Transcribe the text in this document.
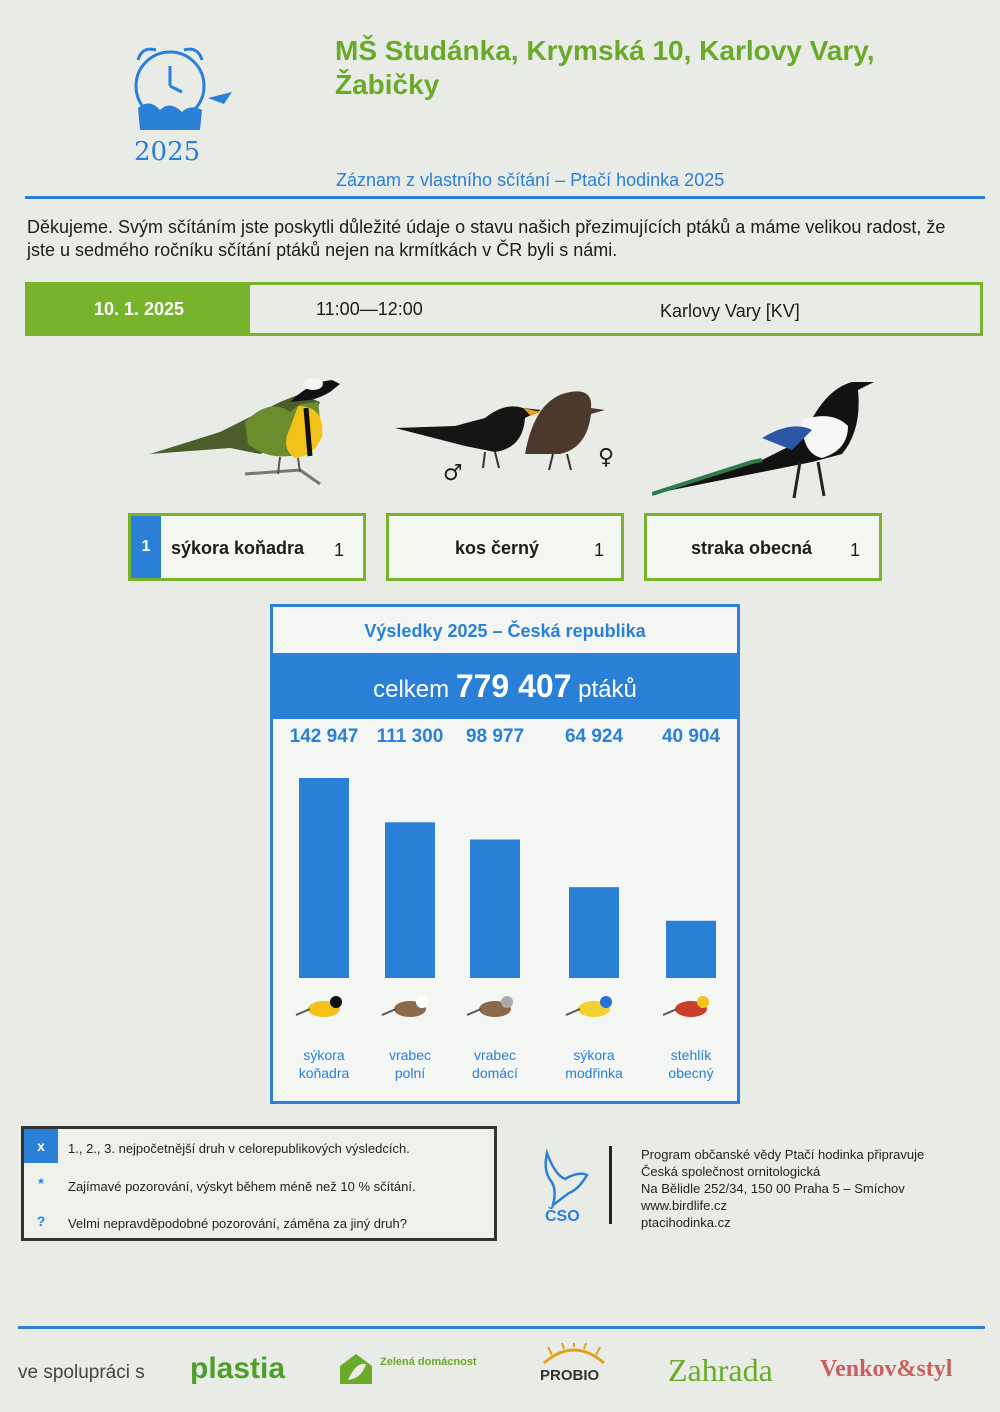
2025
MŠ Studánka, Krymská 10, Karlovy Vary, Žabičky
Záznam z vlastního sčítání – Ptačí hodinka 2025
Děkujeme. Svým sčítáním jste poskytli důležité údaje o stavu našich přezimujících ptáků a máme velikou radost, že jste u sedmého ročníku sčítání ptáků nejen na krmítkách v ČR byli s námi.
10. 1. 2025	11:00—12:00	Karlovy Vary [KV]
♂
♀
1	sýkora koňadra 1	kos černý	1	straka obecná 1
Výsledky 2025 – Česká republika
celkem 779 407 ptáků
142 947
sýkora
koňadra
111 300
vrabec
polní
98 977
vrabec
domácí
64 924
sýkora
modřinka
40 904
stehlík
obecný
x	1., 2., 3. nejpočetnější druh v celorepublikových výsledcích.
*	Zajímavé pozorování, výskyt během méně než 10 % sčítání.
?	Velmi nepravděpodobné pozorování, záměna za jiný druh?	ČSO
Program občanské vědy Ptačí hodinka připravuje
Česká společnost ornitologická
Na Bělidle 252/34, 150 00 Praha 5 – Smíchov
www.birdlife.cz
ptacihodinka.cz
ve spolupráci s plastia	Zelená domácnost
PROBIO Zahrada Venkov&styl
